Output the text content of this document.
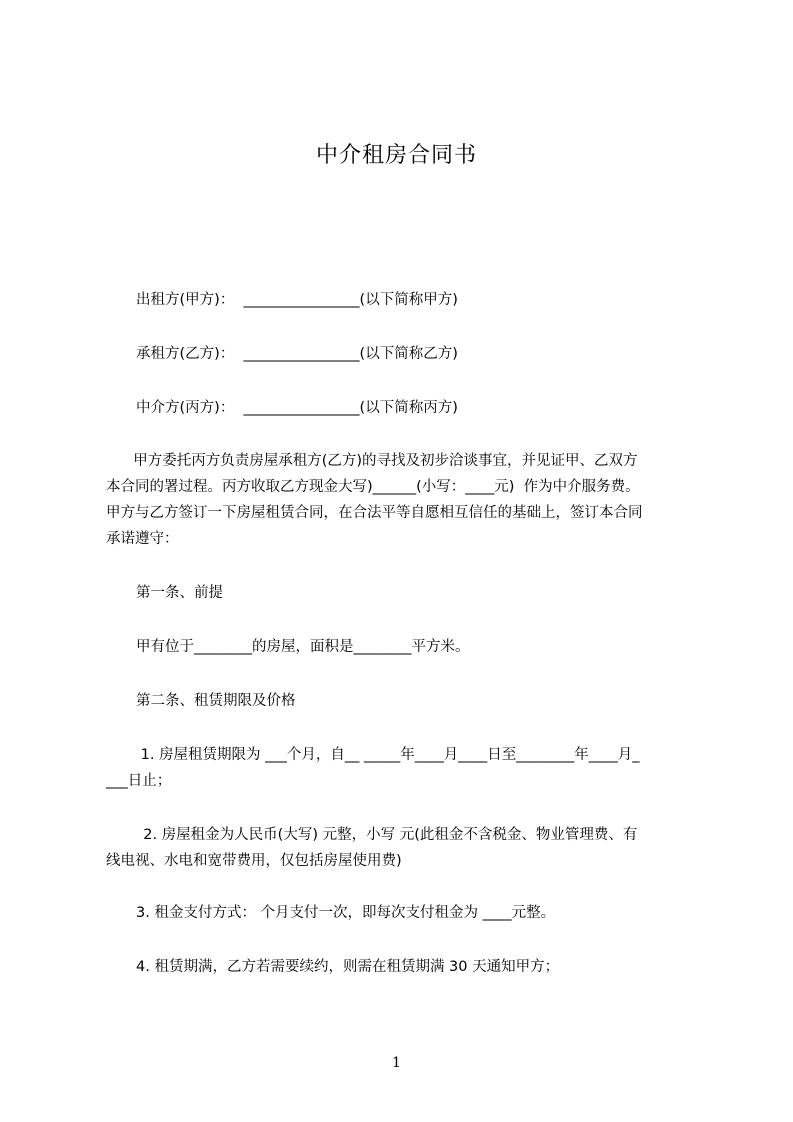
中介租房合同书
出租方(甲方)： ________________(以下简称甲方)
承租方(乙方)： ________________(以下简称乙方)
中介方(丙方)： ________________(以下简称丙方)
甲方委托丙方负责房屋承租方(乙方)的寻找及初步洽谈事宜，并见证甲、乙双方
本合同的署过程。丙方收取乙方现金大写)______(小写：____元)  作为中介服务费。
甲方与乙方签订一下房屋租赁合同，在合法平等自愿相互信任的基础上，签订本合同
承诺遵守：
第一条、前提
甲有位于________的房屋，面积是________平方米。
第二条、租赁期限及价格
1. 房屋租赁期限为 ___个月，自__ _____年____月____日至________年____月_
___日止；
2. 房屋租金为人民币(大写) 元整，小写 元(此租金不含税金、物业管理费、有
线电视、水电和宽带费用，仅包括房屋使用费)
3. 租金支付方式： 个月支付一次，即每次支付租金为 ____元整。
4. 租赁期满，乙方若需要续约，则需在租赁期满 30 天通知甲方；
1
